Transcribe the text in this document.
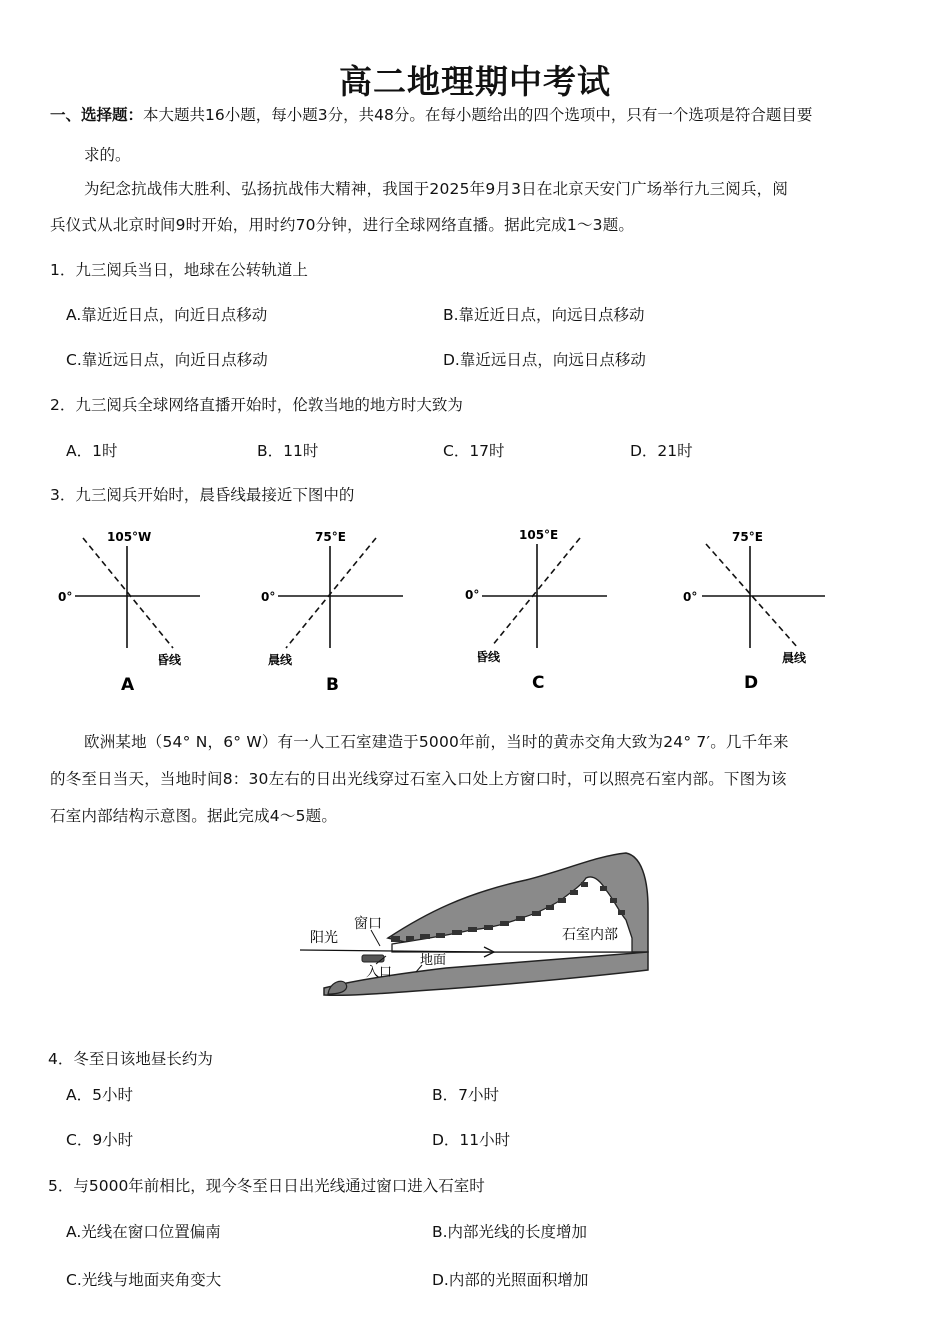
高二地理期中考试
一、选择题：本大题共16小题，每小题3分，共48分。在每小题给出的四个选项中，只有一个选项是符合题目要
求的。
为纪念抗战伟大胜利、弘扬抗战伟大精神，我国于2025年9月3日在北京天安门广场举行九三阅兵，阅
兵仪式从北京时间9时开始，用时约70分钟，进行全球网络直播。据此完成1～3题。
1．九三阅兵当日，地球在公转轨道上
A.靠近近日点，向近日点移动	B.靠近近日点，向远日点移动
C.靠近远日点，向近日点移动	D.靠近远日点，向远日点移动
2．九三阅兵全球网络直播开始时，伦敦当地的地方时大致为
A．1时	B．11时	C．17时	D．21时
3．九三阅兵开始时，晨昏线最接近下图中的
105°W
0°
昏线
A
75°E
0°
晨线
B
105°E
0°
昏线
C
75°E
0°
晨线
D
欧洲某地（54° N，6° W）有一人工石室建造于5000年前，当时的黄赤交角大致为24° 7′。几千年来
的冬至日当天，当地时间8：30左右的日出光线穿过石室入口处上方窗口时，可以照亮石室内部。下图为该
石室内部结构示意图。据此完成4～5题。
阳光
窗口
入口
地面
石室内部
4．冬至日该地昼长约为
A．5小时	B．7小时
C．9小时	D．11小时
5．与5000年前相比，现今冬至日日出光线通过窗口进入石室时
A.光线在窗口位置偏南	B.内部光线的长度增加
C.光线与地面夹角变大	D.内部的光照面积增加
